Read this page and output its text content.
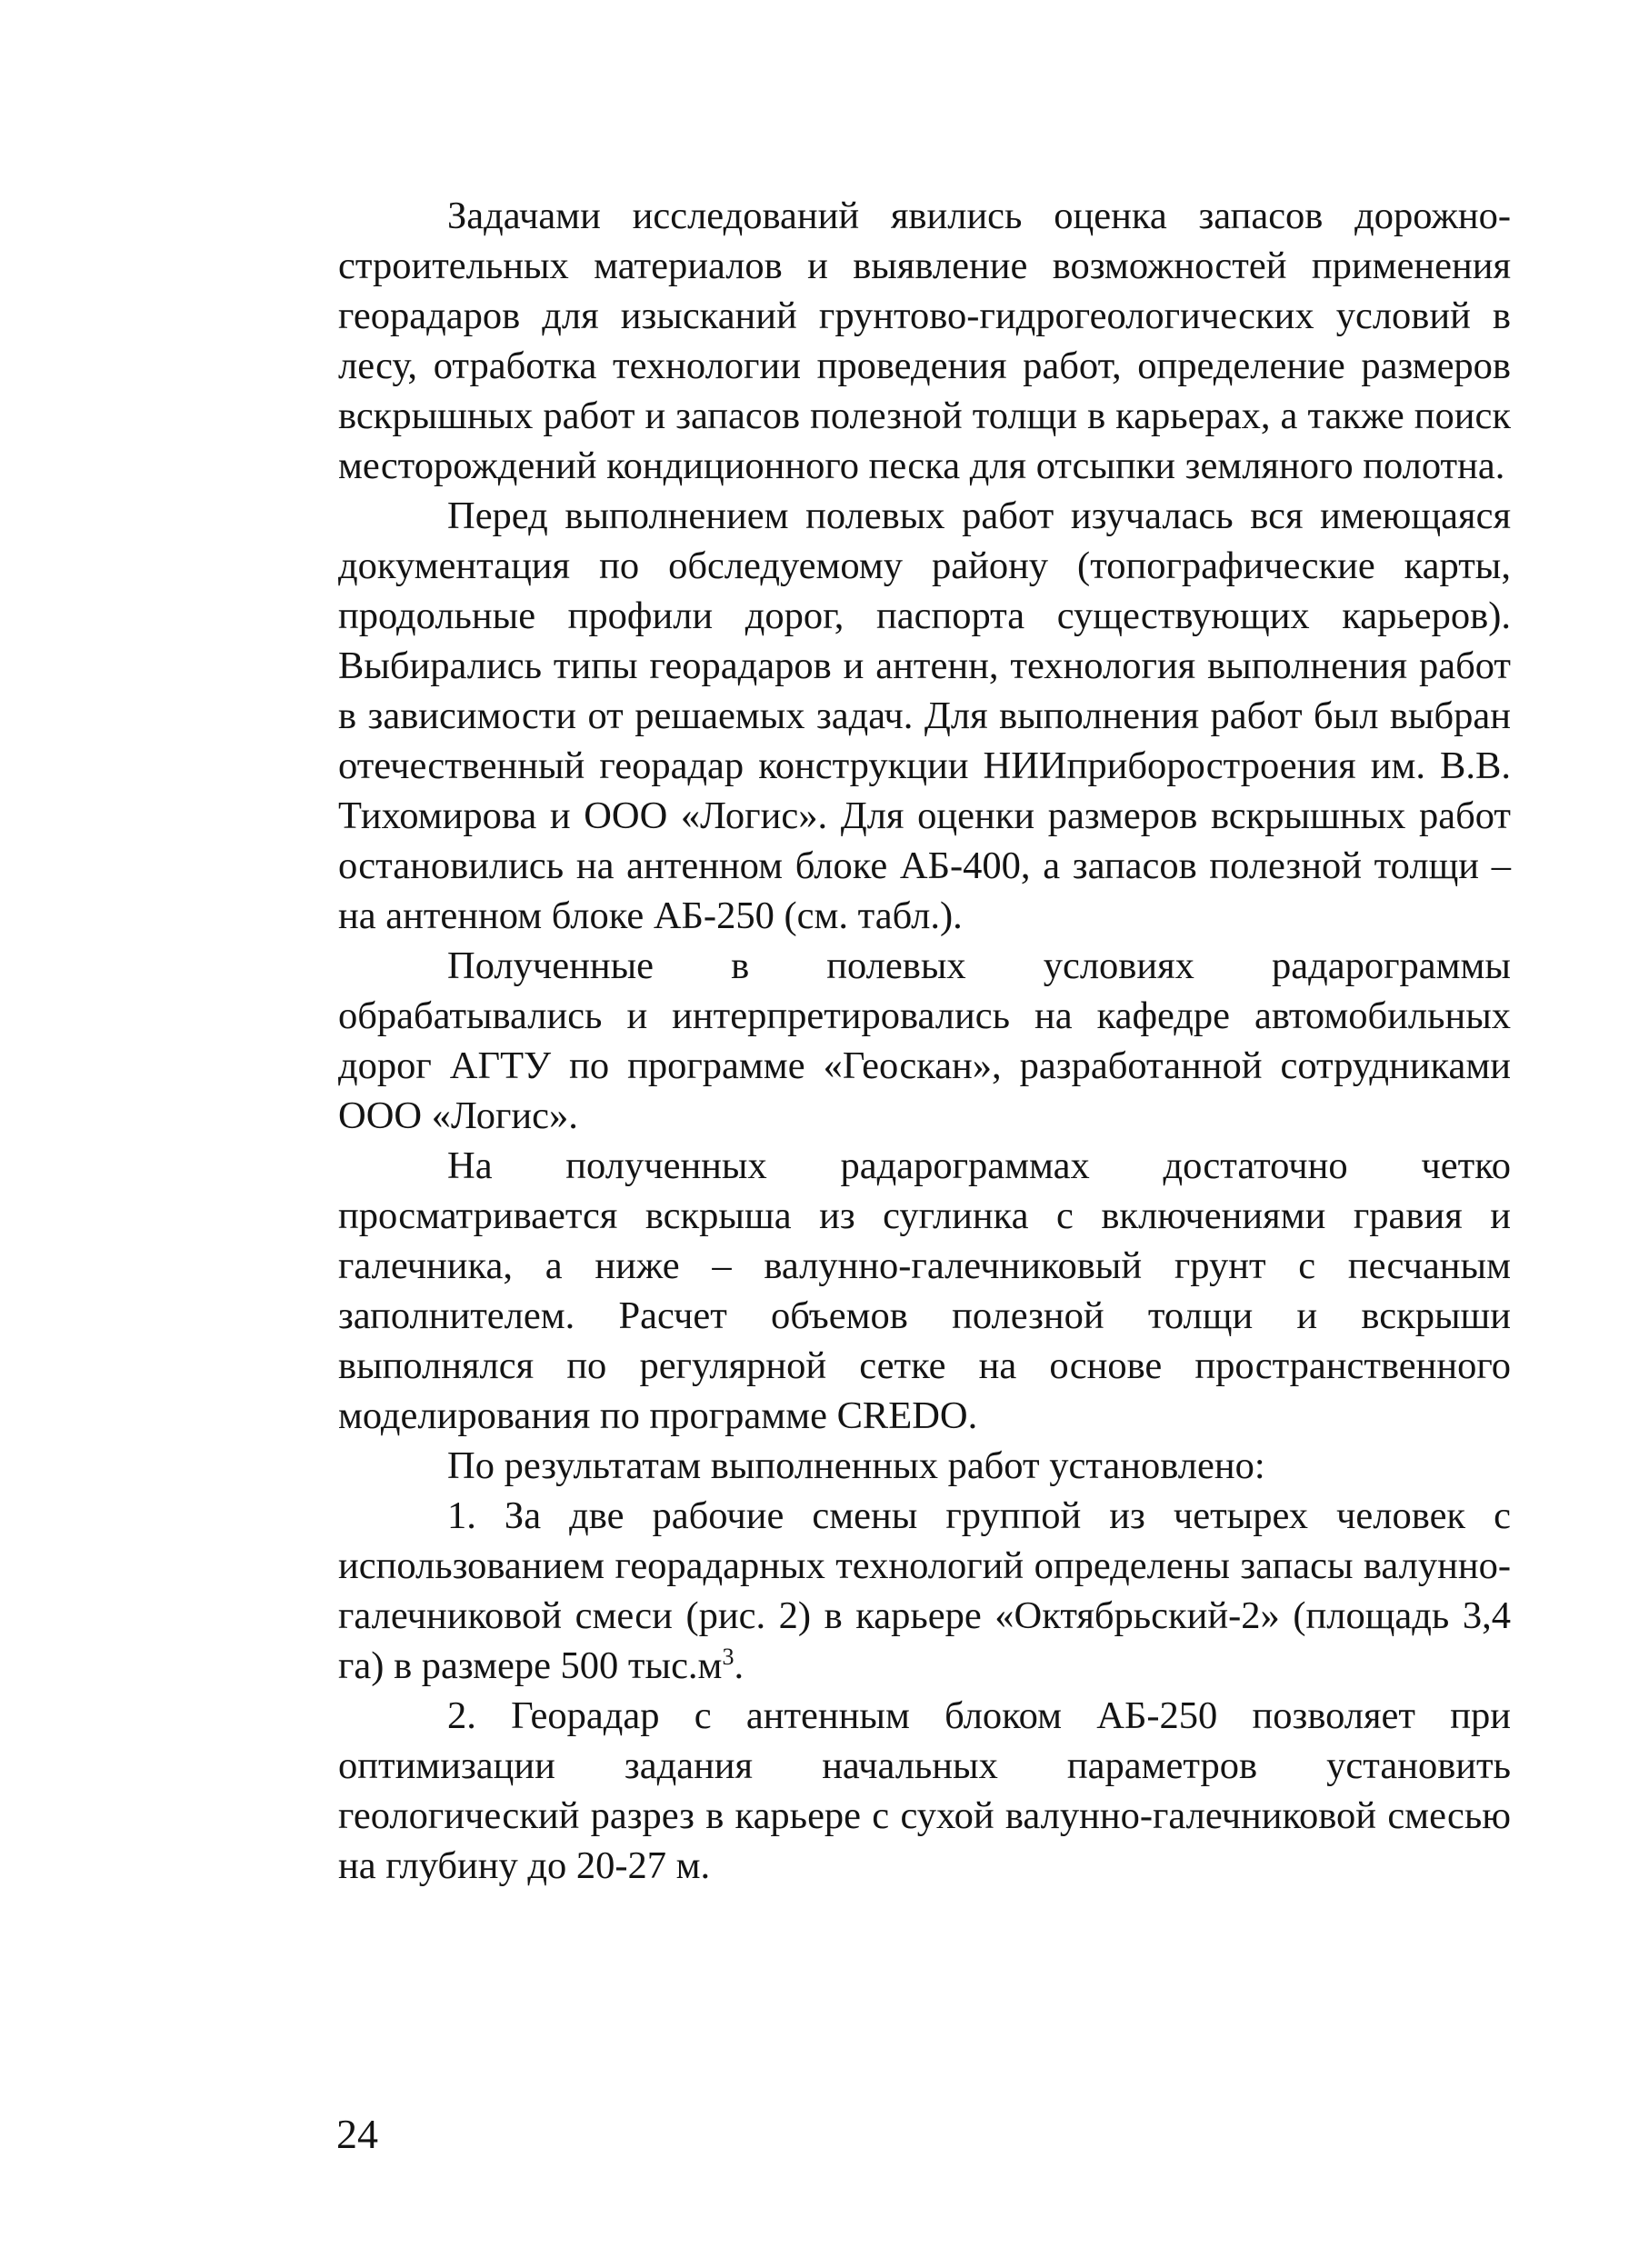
Задачами исследований явились оценка запасов дорожно-строительных материалов и выявление возможностей применения георадаров для изысканий грунтово-гидрогеологических условий в лесу, отработка технологии проведения работ, определение размеров вскрышных работ и запасов полезной толщи в карьерах, а также поиск месторождений кондиционного песка для отсыпки земляного полотна.

Перед выполнением полевых работ изучалась вся имеющаяся документация по обследуемому району (топографические карты, продольные профили дорог, паспорта существующих карьеров). Выбирались типы георадаров и антенн, технология выполнения работ в зависимости от решаемых задач. Для выполнения работ был выбран отечественный георадар конструкции НИИприборостроения им. В.В. Тихомирова и ООО «Логис». Для оценки размеров вскрышных работ остановились на антенном блоке АБ-400, а запасов полезной толщи – на антенном блоке АБ-250 (см. табл.).

Полученные в полевых условиях радарограммы обрабатывались и интерпретировались на кафедре автомобильных дорог АГТУ по программе «Геоскан», разработанной сотрудниками ООО «Логис».

На полученных радарограммах достаточно четко просматривается вскрыша из суглинка с включениями гравия и галечника, а ниже – валунно-галечниковый грунт с песчаным заполнителем. Расчет объемов полезной толщи и вскрыши выполнялся по регулярной сетке на основе пространственного моделирования по программе CREDO.

По результатам выполненных работ установлено:

1. За две рабочие смены группой из четырех человек с использованием георадарных технологий определены запасы валунно-галечниковой смеси (рис. 2) в карьере «Октябрьский-2» (площадь 3,4 га) в размере 500 $тыс.м^3$.

2. Георадар с антенным блоком АБ-250 позволяет при оптимизации задания начальных параметров установить геологический разрез в карьере с сухой валунно-галечниковой смесью на глубину до 20-27 м.

24
